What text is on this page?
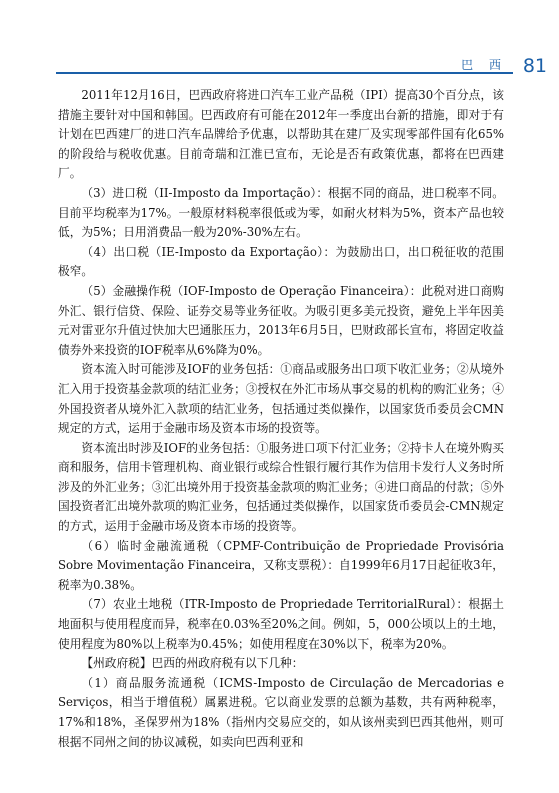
巴 西 81

2011年12月16日，巴西政府将进口汽车工业产品税（IPI）提高30个百分点，该措施主要针对中国和韩国。巴西政府有可能在2012年一季度出台新的措施，即对于有计划在巴西建厂的进口汽车品牌给予优惠，以帮助其在建厂及实现零部件国有化65%的阶段给与税收优惠。目前奇瑞和江淮已宣布，无论是否有政策优惠，都将在巴西建厂。

（3）进口税（II-Imposto da Importação）：根据不同的商品，进口税率不同。目前平均税率为17%。一般原材料税率很低或为零，如耐火材料为5%，资本产品也较低，为5%；日用消费品一般为20%-30%左右。

（4）出口税（IE-Imposto da Exportação）：为鼓励出口，出口税征收的范围极窄。

（5）金融操作税（IOF-Imposto de Operação Financeira）：此税对进口商购外汇、银行信贷、保险、证券交易等业务征收。为吸引更多美元投资，避免上半年因美元对雷亚尔升值过快加大巴通胀压力，2013年6月5日，巴财政部长宣布，将固定收益债券外来投资的IOF税率从6%降为0%。

资本流入时可能涉及IOF的业务包括：①商品或服务出口项下收汇业务；②从境外汇入用于投资基金款项的结汇业务；③授权在外汇市场从事交易的机构的购汇业务；④外国投资者从境外汇入款项的结汇业务，包括通过类似操作，以国家货币委员会CMN规定的方式，运用于金融市场及资本市场的投资等。

资本流出时涉及IOF的业务包括：①服务进口项下付汇业务；②持卡人在境外购买商和服务，信用卡管理机构、商业银行或综合性银行履行其作为信用卡发行人义务时所涉及的外汇业务；③汇出境外用于投资基金款项的购汇业务；④进口商品的付款；⑤外国投资者汇出境外款项的购汇业务，包括通过类似操作，以国家货币委员会-CMN规定的方式，运用于金融市场及资本市场的投资等。

（6）临时金融流通税（CPMF-Contribuição de Propriedade Provisória Sobre Movimentação Financeira，又称支票税）：自1999年6月17日起征收3年，税率为0.38%。

（7）农业土地税（ITR-Imposto de Propriedade TerritorialRural）：根据土地面积与使用程度而异，税率在0.03%至20%之间。例如，5，000公顷以上的土地，使用程度为80%以上税率为0.45%；如使用程度在30%以下，税率为20%。

【州政府税】巴西的州政府税有以下几种：

（1）商品服务流通税（ICMS-Imposto de Circulação de Mercadorias e Serviços，相当于增值税）属累进税。它以商业发票的总额为基数，共有两种税率，17%和18%，圣保罗州为18%（指州内交易应交的，如从该州卖到巴西其他州，则可根据不同州之间的协议减税，如卖向巴西利亚和
